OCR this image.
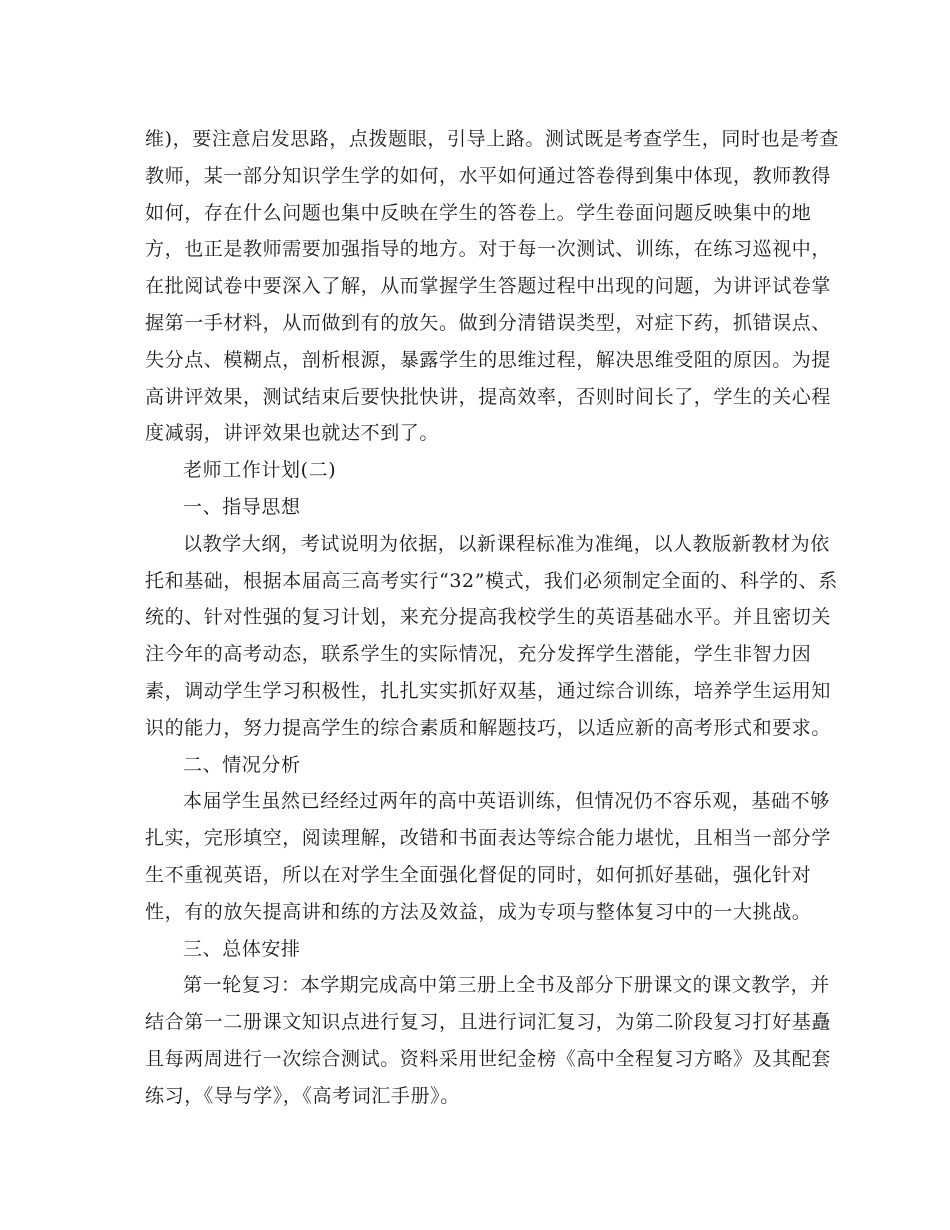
维)，要注意启发思路，点拨题眼，引导上路。测试既是考查学生，同时也是考查
教师，某一部分知识学生学的如何，水平如何通过答卷得到集中体现，教师教得
如何，存在什么问题也集中反映在学生的答卷上。学生卷面问题反映集中的地
方，也正是教师需要加强指导的地方。对于每一次测试、训练，在练习巡视中，
在批阅试卷中要深入了解，从而掌握学生答题过程中出现的问题，为讲评试卷掌
握第一手材料，从而做到有的放矢。做到分清错误类型，对症下药，抓错误点、
失分点、模糊点，剖析根源，暴露学生的思维过程，解决思维受阻的原因。为提
高讲评效果，测试结束后要快批快讲，提高效率，否则时间长了，学生的关心程
度减弱，讲评效果也就达不到了。
老师工作计划(二)
一、指导思想
以教学大纲，考试说明为依据，以新课程标准为准绳，以人教版新教材为依
托和基础，根据本届高三高考实行“32”模式，我们必须制定全面的、科学的、系
统的、针对性强的复习计划，来充分提高我校学生的英语基础水平。并且密切关
注今年的高考动态，联系学生的实际情况，充分发挥学生潜能，学生非智力因
素，调动学生学习积极性，扎扎实实抓好双基，通过综合训练，培养学生运用知
识的能力，努力提高学生的综合素质和解题技巧，以适应新的高考形式和要求。
二、情况分析
本届学生虽然已经经过两年的高中英语训练，但情况仍不容乐观，基础不够
扎实，完形填空，阅读理解，改错和书面表达等综合能力堪忧，且相当一部分学
生不重视英语，所以在对学生全面强化督促的同时，如何抓好基础，强化针对
性，有的放矢提高讲和练的方法及效益，成为专项与整体复习中的一大挑战。
三、总体安排
第一轮复习：本学期完成高中第三册上全书及部分下册课文的课文教学，并
结合第一二册课文知识点进行复习，且进行词汇复习，为第二阶段复习打好基矗
且每两周进行一次综合测试。资料采用世纪金榜《高中全程复习方略》及其配套
练习，《导与学》，《高考词汇手册》。
